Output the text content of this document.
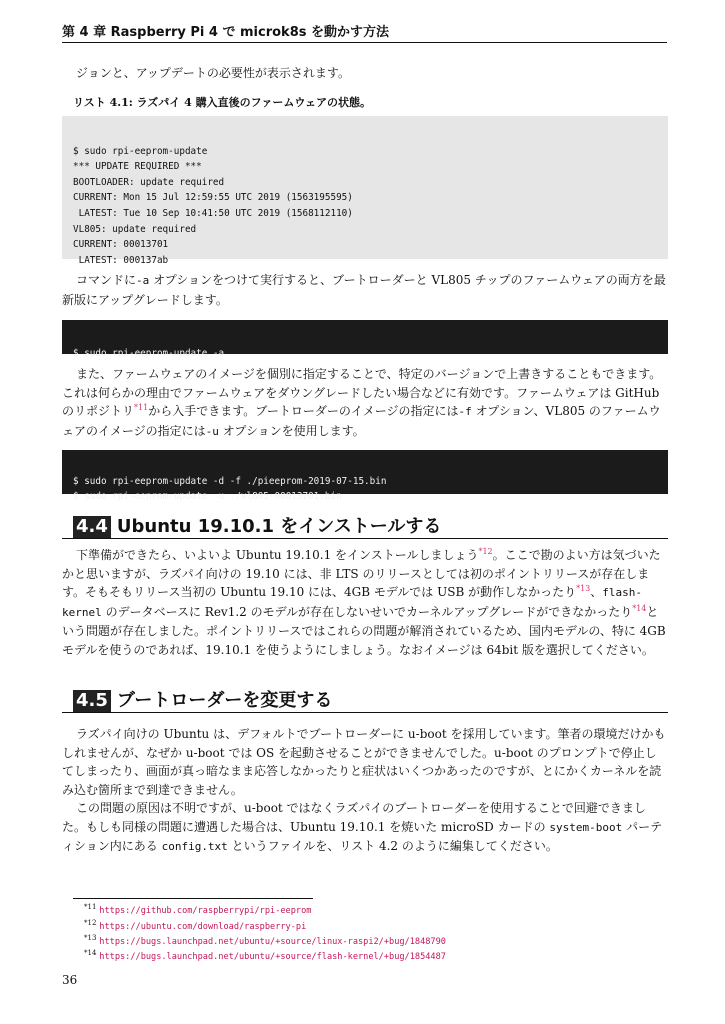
第 4 章 Raspberry Pi 4 で microk8s を動かす方法
ジョンと、アップデートの必要性が表示されます。
リスト 4.1: ラズパイ 4 購入直後のファームウェアの状態。

$ sudo rpi-eeprom-update
*** UPDATE REQUIRED ***
BOOTLOADER: update required
CURRENT: Mon 15 Jul 12:59:55 UTC 2019 (1563195595)
LATEST: Tue 10 Sep 10:41:50 UTC 2019 (1568112110)
VL805: update required
CURRENT: 00013701
LATEST: 000137ab

コマンドに-a オプションをつけて実行すると、ブートローダーと VL805 チップのファームウェアの両方を最新版にアップグレードします。

$ sudo rpi-eeprom-update -a

また、ファームウェアのイメージを個別に指定することで、特定のバージョンで上書きすることもできます。これは何らかの理由でファームウェアをダウングレードしたい場合などに有効です。ファームウェアは GitHub のリポジトリ$^{*11}$から入手できます。ブートローダーのイメージの指定には-f オプション、VL805 のファームウェアのイメージの指定には-u オプションを使用します。

$ sudo rpi-eeprom-update -d -f ./pieeprom-2019-07-15.bin
$ sudo rpi-eeprom-update -u ./vl805-00013701.bin

4.4 Ubuntu 19.10.1 をインストールする
下準備ができたら、いよいよ Ubuntu 19.10.1 をインストールしましょう$^{*12}$。ここで勘のよい方は気づいたかと思いますが、ラズパイ向けの 19.10 には、非 LTS のリリースとしては初のポイントリリースが存在します。そもそもリリース当初の Ubuntu 19.10 には、4GB モデルでは USB が動作しなかったり$^{*13}$、flash-kernel のデータベースに Rev1.2 のモデルが存在しないせいでカーネルアップグレードができなかったり$^{*14}$という問題が存在しました。ポイントリリースではこれらの問題が解消されているため、国内モデルの、特に 4GB モデルを使うのであれば、19.10.1 を使うようにしましょう。なおイメージは 64bit 版を選択してください。
4.5 ブートローダーを変更する
ラズパイ向けの Ubuntu は、デフォルトでブートローダーに u-boot を採用しています。筆者の環境だけかもしれませんが、なぜか u-boot では OS を起動させることができませんでした。u-boot のプロンプトで停止してしまったり、画面が真っ暗なまま応答しなかったりと症状はいくつかあったのですが、とにかくカーネルを読み込む箇所まで到達できません。
この問題の原因は不明ですが、u-boot ではなくラズパイのブートローダーを使用することで回避できました。もしも同様の問題に遭遇した場合は、Ubuntu 19.10.1 を焼いた microSD カードの system-boot パーティション内にある config.txt というファイルを、リスト 4.2 のように編集してください。
$^{*11}$ https://github.com/raspberrypi/rpi-eeprom
$^{*12}$ https://ubuntu.com/download/raspberry-pi
$^{*13}$ https://bugs.launchpad.net/ubuntu/+source/linux-raspi2/+bug/1848790
$^{*14}$ https://bugs.launchpad.net/ubuntu/+source/flash-kernel/+bug/1854487
36
